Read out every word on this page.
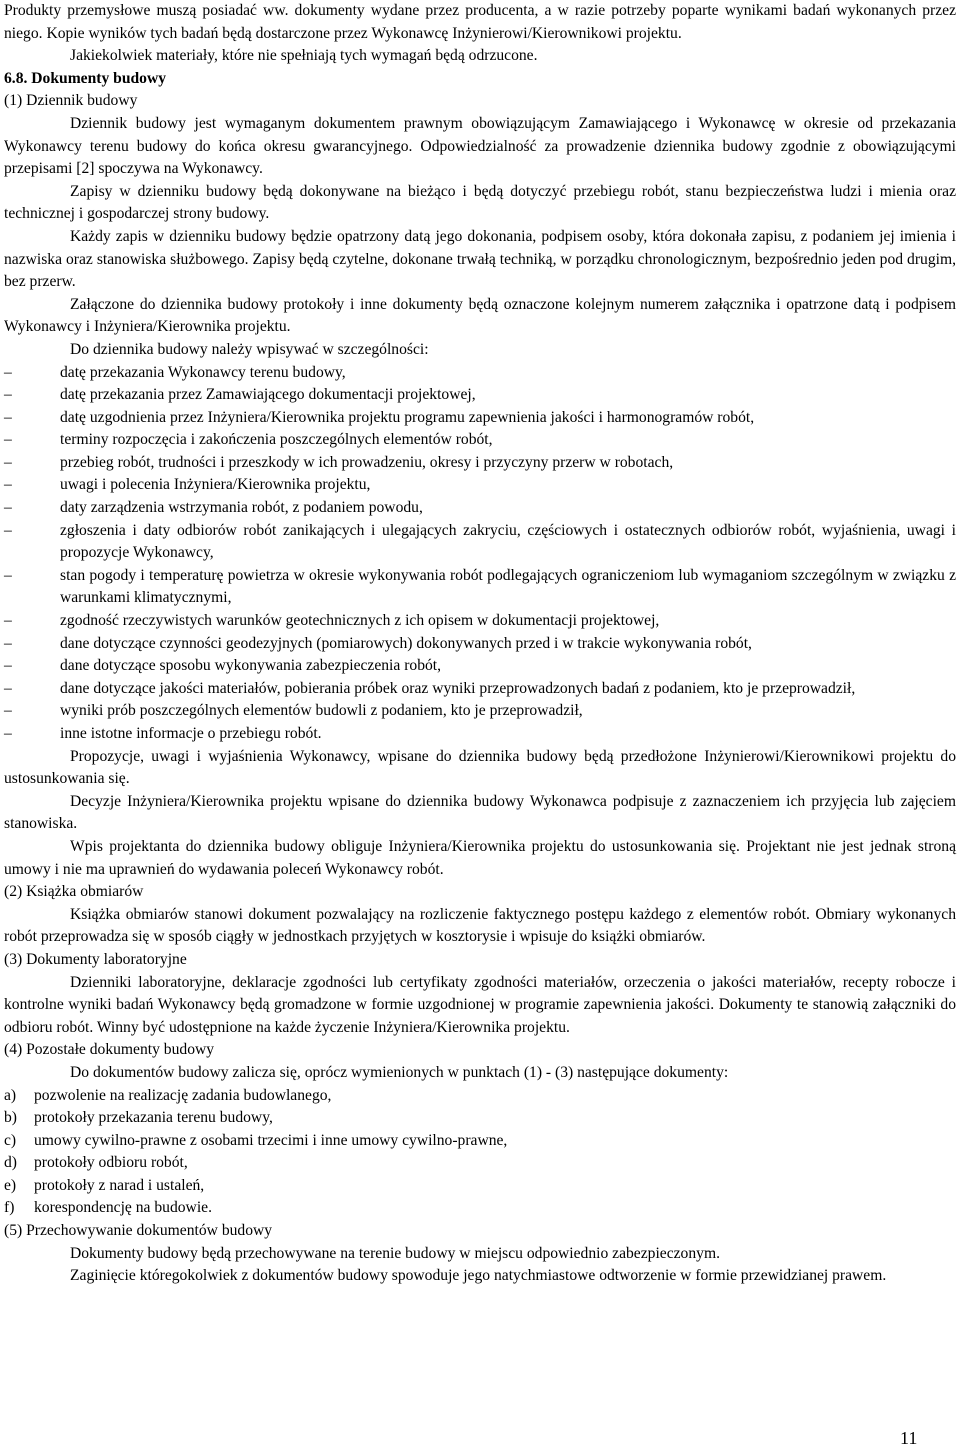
Produkty przemysłowe muszą posiadać ww. dokumenty wydane przez producenta, a w razie potrzeby poparte wynikami badań wykonanych przez niego. Kopie wyników tych badań będą dostarczone przez Wykonawcę Inżynierowi/Kierownikowi projektu.

Jakiekolwiek materiały, które nie spełniają tych wymagań będą odrzucone.

6.8. Dokumenty budowy

(1) Dziennik budowy

Dziennik budowy jest wymaganym dokumentem prawnym obowiązującym Zamawiającego i Wykonawcę w okresie od przekazania Wykonawcy terenu budowy do końca okresu gwarancyjnego. Odpowiedzialność za prowadzenie dziennika budowy zgodnie z obowiązującymi przepisami [2] spoczywa na Wykonawcy.

Zapisy w dzienniku budowy będą dokonywane na bieżąco i będą dotyczyć przebiegu robót, stanu bezpieczeństwa ludzi i mienia oraz technicznej i gospodarczej strony budowy.

Każdy zapis w dzienniku budowy będzie opatrzony datą jego dokonania, podpisem osoby, która dokonała zapisu, z podaniem jej imienia i nazwiska oraz stanowiska służbowego. Zapisy będą czytelne, dokonane trwałą techniką, w porządku chronologicznym, bezpośrednio jeden pod drugim, bez przerw.

Załączone do dziennika budowy protokoły i inne dokumenty będą oznaczone kolejnym numerem załącznika i opatrzone datą i podpisem Wykonawcy i Inżyniera/Kierownika projektu.

Do dziennika budowy należy wpisywać w szczególności:

–	datę przekazania Wykonawcy terenu budowy,
–	datę przekazania przez Zamawiającego dokumentacji projektowej,
–	datę uzgodnienia przez Inżyniera/Kierownika projektu programu zapewnienia jakości i harmonogramów robót,
–	terminy rozpoczęcia i zakończenia poszczególnych elementów robót,
–	przebieg robót, trudności i przeszkody w ich prowadzeniu, okresy i przyczyny przerw w robotach,
–	uwagi i polecenia Inżyniera/Kierownika projektu,
–	daty zarządzenia wstrzymania robót, z podaniem powodu,
–	zgłoszenia i daty odbiorów robót zanikających i ulegających zakryciu, częściowych i ostatecznych odbiorów robót, wyjaśnienia, uwagi i propozycje Wykonawcy,
–	stan pogody i temperaturę powietrza w okresie wykonywania robót podlegających ograniczeniom lub wymaganiom szczególnym w związku z warunkami klimatycznymi,
–	zgodność rzeczywistych warunków geotechnicznych z ich opisem w dokumentacji projektowej,
–	dane dotyczące czynności geodezyjnych (pomiarowych) dokonywanych przed i w trakcie wykonywania robót,
–	dane dotyczące sposobu wykonywania zabezpieczenia robót,
–	dane dotyczące jakości materiałów, pobierania próbek oraz wyniki przeprowadzonych badań z podaniem, kto je przeprowadził,
–	wyniki prób poszczególnych elementów budowli z podaniem, kto je przeprowadził,
–	inne istotne informacje o przebiegu robót.

Propozycje, uwagi i wyjaśnienia Wykonawcy, wpisane do dziennika budowy będą przedłożone Inżynierowi/Kierownikowi projektu do ustosunkowania się.

Decyzje Inżyniera/Kierownika projektu wpisane do dziennika budowy Wykonawca podpisuje z zaznaczeniem ich przyjęcia lub zajęciem stanowiska.

Wpis projektanta do dziennika budowy obliguje Inżyniera/Kierownika projektu do ustosunkowania się. Projektant nie jest jednak stroną umowy i nie ma uprawnień do wydawania poleceń Wykonawcy robót.

(2) Książka obmiarów

Książka obmiarów stanowi dokument pozwalający na rozliczenie faktycznego postępu każdego z elementów robót. Obmiary wykonanych robót przeprowadza się w sposób ciągły w jednostkach przyjętych w kosztorysie i wpisuje do książki obmiarów.

(3) Dokumenty laboratoryjne

Dzienniki laboratoryjne, deklaracje zgodności lub certyfikaty zgodności materiałów, orzeczenia o jakości materiałów, recepty robocze i kontrolne wyniki badań Wykonawcy będą gromadzone w formie uzgodnionej w programie zapewnienia jakości. Dokumenty te stanowią załączniki do odbioru robót. Winny być udostępnione na każde życzenie Inżyniera/Kierownika projektu.

(4) Pozostałe dokumenty budowy

Do dokumentów budowy zalicza się, oprócz wymienionych w punktach (1) - (3) następujące dokumenty:

a)	pozwolenie na realizację zadania budowlanego,
b)	protokoły przekazania terenu budowy,
c)	umowy cywilno-prawne z osobami trzecimi i inne umowy cywilno-prawne,
d)	protokoły odbioru robót,
e)	protokoły z narad i ustaleń,
f)	korespondencję na budowie.

(5) Przechowywanie dokumentów budowy

Dokumenty budowy będą przechowywane na terenie budowy w miejscu odpowiednio zabezpieczonym.

Zaginięcie któregokolwiek z dokumentów budowy spowoduje jego natychmiastowe odtworzenie w formie przewidzianej prawem.

11
